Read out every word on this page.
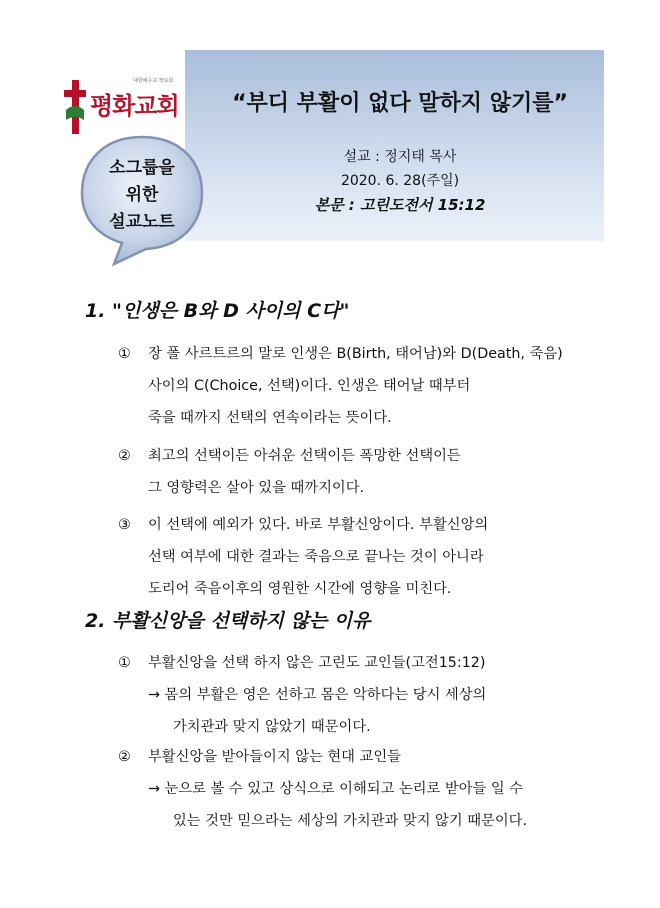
대한예수교 장로회
평화교회
소그룹을
위한
설교노트
“부디 부활이 없다 말하지 않기를”
설교 : 정지태 목사
2020. 6. 28(주일)
본문 : 고린도전서 15:12
1. "인생은 B와 D 사이의 C다"
①	장 폴 사르트르의 말로 인생은 B(Birth, 태어남)와 D(Death, 죽음)
사이의 C(Choice, 선택)이다. 인생은 태어날 때부터
죽을 때까지 선택의 연속이라는 뜻이다.
②	최고의 선택이든 아쉬운 선택이든 폭망한 선택이든
그 영향력은 살아 있을 때까지이다.
③	이 선택에 예외가 있다. 바로 부활신앙이다. 부활신앙의
선택 여부에 대한 결과는 죽음으로 끝나는 것이 아니라
도리어 죽음이후의 영원한 시간에 영향을 미친다.
2. 부활신앙을 선택하지 않는 이유
①	부활신앙을 선택 하지 않은 고린도 교인들(고전15:12)
→ 몸의 부활은 영은 선하고 몸은 악하다는 당시 세상의
가치관과 맞지 않았기 때문이다.
②	부활신앙을 받아들이지 않는 현대 교인들
→ 눈으로 볼 수 있고 상식으로 이해되고 논리로 받아들 일 수
있는 것만 믿으라는 세상의 가치관과 맞지 않기 때문이다.
